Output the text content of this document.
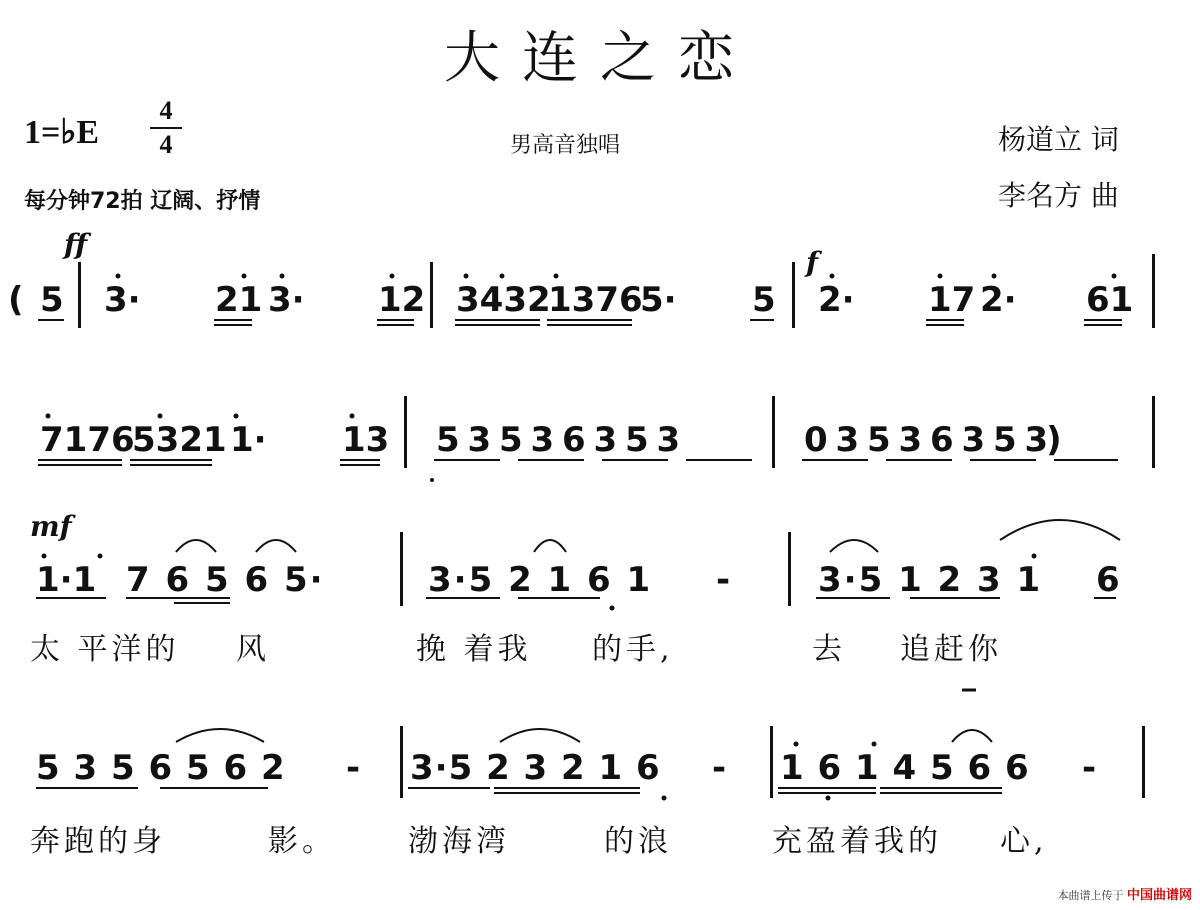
大连之恋
1=♭E
4
4	男高音独唱
每分钟72拍 辽阔、抒情
杨道立 词
李名方 曲
ff
( 5 3· 21 3· 12 3432
1376
5· 5
f
2· 17 2· 61
7176
5321 1· 13 5 3 5 3 6 3 5 3	0 3 5 3 6 3 5 3)
mf
1·1 7 6 5 6 5·	3·5 2 1 6 1 -	3·5 1 2 3 1 6
太 平洋的 风	挽 着我 的手,	去 追赶你
5 3 5 6 5 6 2 - 3·5 2 3 2 1 6 - 1 6 1 4 5 6 6 -
奔跑的身	影。 渤海湾	的浪	充盈着我的 心,
本曲谱上传于 中国曲谱网
